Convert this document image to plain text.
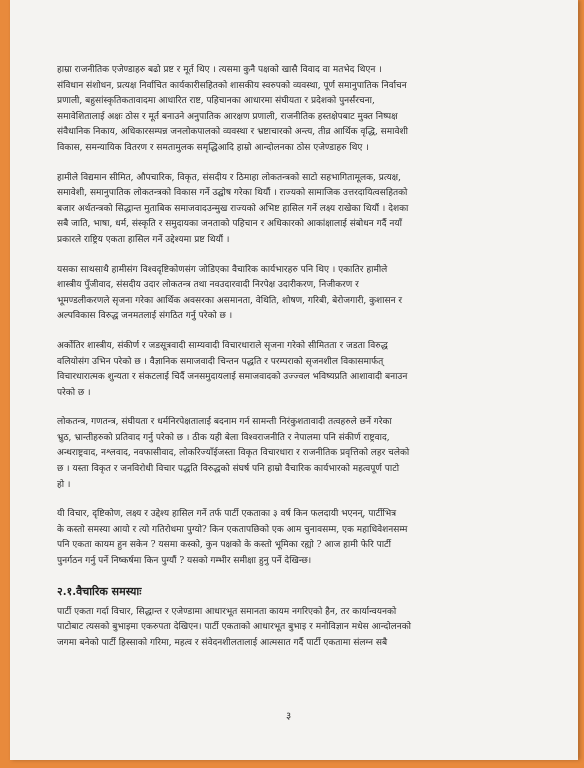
हाम्रा राजनीतिक एजेण्डाहरु बढो प्रष्ट र मूर्त थिए । त्यसमा कुनै पक्षको खासै विवाद वा मतभेद थिएन ।
संविधान संशोधन, प्रत्यक्ष निर्वाचित कार्यकारीसहितको शासकीय स्वरुपको व्यवस्था, पूर्ण समानुपातिक निर्वाचन
प्रणाली, बहुसांस्कृतिकतावादमा आधारित राष्ट, पहिचानका आधारमा संघीयता र प्रदेशको पुनर्संरचना,
समावेशितालाई अक्षः ठोस र मूर्त बनाउने अनुपातिक आरक्षण प्रणाली, राजनीतिक हस्तक्षेपबाट मुक्त निष्पक्ष
संवैधानिक निकाय, अधिकारसम्पन्न जनलोकपालको व्यवस्था र भ्रष्टाचारको अन्त्य, तीव्र आर्थिक वृद्धि, समावेशी
विकास, समन्यायिक वितरण र समतामुलक समृद्धिआदि हाम्रो आन्दोलनका ठोस एजेण्डाहरु थिए ।

हामीले विद्यमान सीमित, औपचारिक, विकृत, संसदीय र ठिमाहा लोकतन्त्रको साटो सहभागितामूलक, प्रत्यक्ष,
समावेशी, समानुपातिक लोकतन्त्रको विकास गर्ने उद्घोष गरेका थियौं । राज्यको सामाजिक उत्तरदायित्वसहितको
बजार अर्थतन्त्रको सिद्धान्त मुताबिक समाजवादउन्मुख राज्यको अभिष्ट हासिल गर्ने लक्ष्य राखेका थियौं । देशका
सबै जाति, भाषा, धर्म, संस्कृति र समुदायका जनताको पहिचान र अधिकारको आकांक्षालाई संबोधन गर्दै नयाँ
प्रकारले राष्ट्रिय एकता हासिल गर्ने उद्देश्यमा प्रष्ट थियौं ।

यसका साथसाथै हामीसंग विश्वदृष्टिकोणसंग जोडिएका वैचारिक कार्यभारहरु पनि थिए । एकातिर हामीले
शास्त्रीय पुँजीवाद, संसदीय उदार लोकतन्त्र तथा नवउदारवादी निरपेक्ष उदारीकरण, निजीकरण र
भूमण्डलीकरणले सृजना गरेका आर्थिक अवसरका असमानता, वेथिति, शोषण, गरिबी, बेरोजगारी, कुशासन र
अल्पविकास विरुद्ध जनमतलाई संगठित गर्नु परेको छ ।

अर्कोतिर शास्त्रीय, संकीर्ण र जडसूत्रवादी साम्यवादी विचारधाराले सृजना गरेको सीमितता र जडता विरुद्ध
वलियोसंग उभिन परेको छ । वैज्ञानिक समाजवादी चिन्तन पद्धति र परम्पराको सृजनशील विकासमार्फत्
विचारधारात्मक शुन्यता र संकटलाई चिर्दै जनसमुदायलाई समाजवादको उज्ज्वल भविष्यप्रति आशावादी बनाउन
परेको छ ।

लोकतन्त्र, गणतन्त्र, संघीयता र धर्मनिरपेक्षतालाई बदनाम गर्न सामन्ती निरंकुशतावादी तत्वहरुले छर्ने गरेका
भ्रुठ, भ्रान्तीहरुको प्रतिवाद गर्नु परेको छ । ठीक यही बेला विश्वराजनीति र नेपालमा पनि संकीर्ण राष्ट्रवाद,
अन्धराष्ट्रवाद, नश्लवाद, नवफासीवाद, लोकरिज्याँईजस्ता विकृत विचारधारा र राजनीतिक प्रवृत्तिको लहर चलेको
छ । यस्ता विकृत र जनविरोधी विचार पद्धति विरुद्धको संघर्ष पनि हाम्रो वैचारिक कार्यभारको महत्वपूर्ण पाटो
हो ।

यी विचार, दृष्टिकोण, लक्ष्य र उद्देश्य हासिल गर्ने तर्फ पार्टी एकताका ३ वर्ष किन फलदायी भएनन्, पार्टीभित्र
के कस्तो समस्या आयो र त्यो गतिरोधमा पुग्यो? किन एकतापछिको एक आम चुनावसम्म, एक महाधिवेशनसम्म
पनि एकता कायम हुन सकेन ? यसमा कस्को, कुन पक्षको के कस्तो भूमिका रह्यो ? आज हामी फेरि पार्टी
पुनर्गठन गर्नु पर्ने निष्कर्षमा किन पुग्यौं ? यसको गम्भीर समीक्षा हुनु पर्ने देखिन्छ।

२.१.वैचारिक समस्याः

पार्टी एकता गर्दा विचार, सिद्धान्त र एजेण्डामा आधारभूत समानता कायम नगरिएको हैन, तर कार्यान्वयनको
पाटोबाट त्यसको बुभाइमा एकरुपता देखिएन। पार्टी एकताको आधारभूत बुभाइ र मनोविज्ञान मधेस आन्दोलनको
जगमा बनेको पार्टी हिस्साको गरिमा, महत्व र संवेदनशीलतालाई आत्मसात गर्दै पार्टी एकतामा संलग्न सबै

३
